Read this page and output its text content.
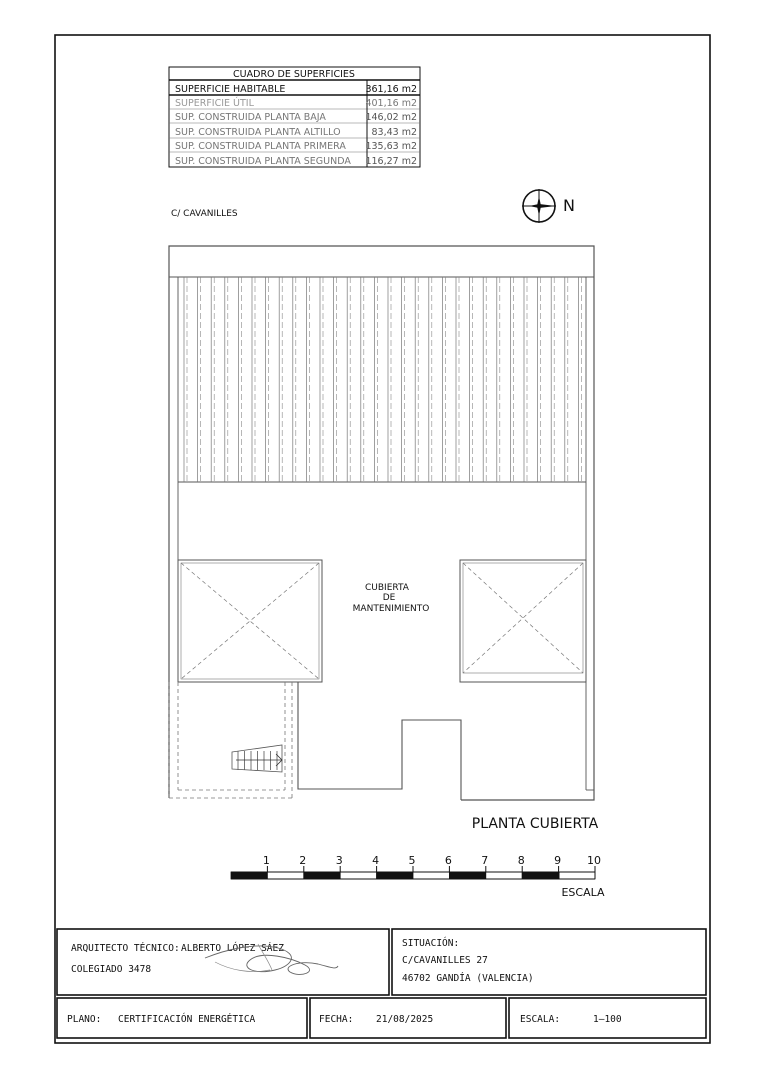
CUADRO DE SUPERFICIES
SUPERFICIE HABITABLE	361,16 m2
SUPERFICIE ÚTIL	401,16 m2
SUP. CONSTRUIDA PLANTA BAJA	146,02 m2
SUP. CONSTRUIDA PLANTA ALTILLO	83,43 m2
SUP. CONSTRUIDA PLANTA PRIMERA 135,63 m2
SUP. CONSTRUIDA PLANTA SEGUNDA 116,27 m2
N
C/ CAVANILLES
CUBIERTA
DE
MANTENIMIENTO
PLANTA CUBIERTA
1	2	3	4	5	6	7	8	9 10
ESCALA
ARQUITECTO TÉCNICO: ALBERTO LÓPEZ SÁEZ
COLEGIADO 3478
SITUACIÓN:
C/CAVANILLES 27
46702 GANDÍA (VALENCIA)
PLANO: CERTIFICACIÓN ENERGÉTICA	FECHA: 21/08/2025	ESCALA:	1—100
